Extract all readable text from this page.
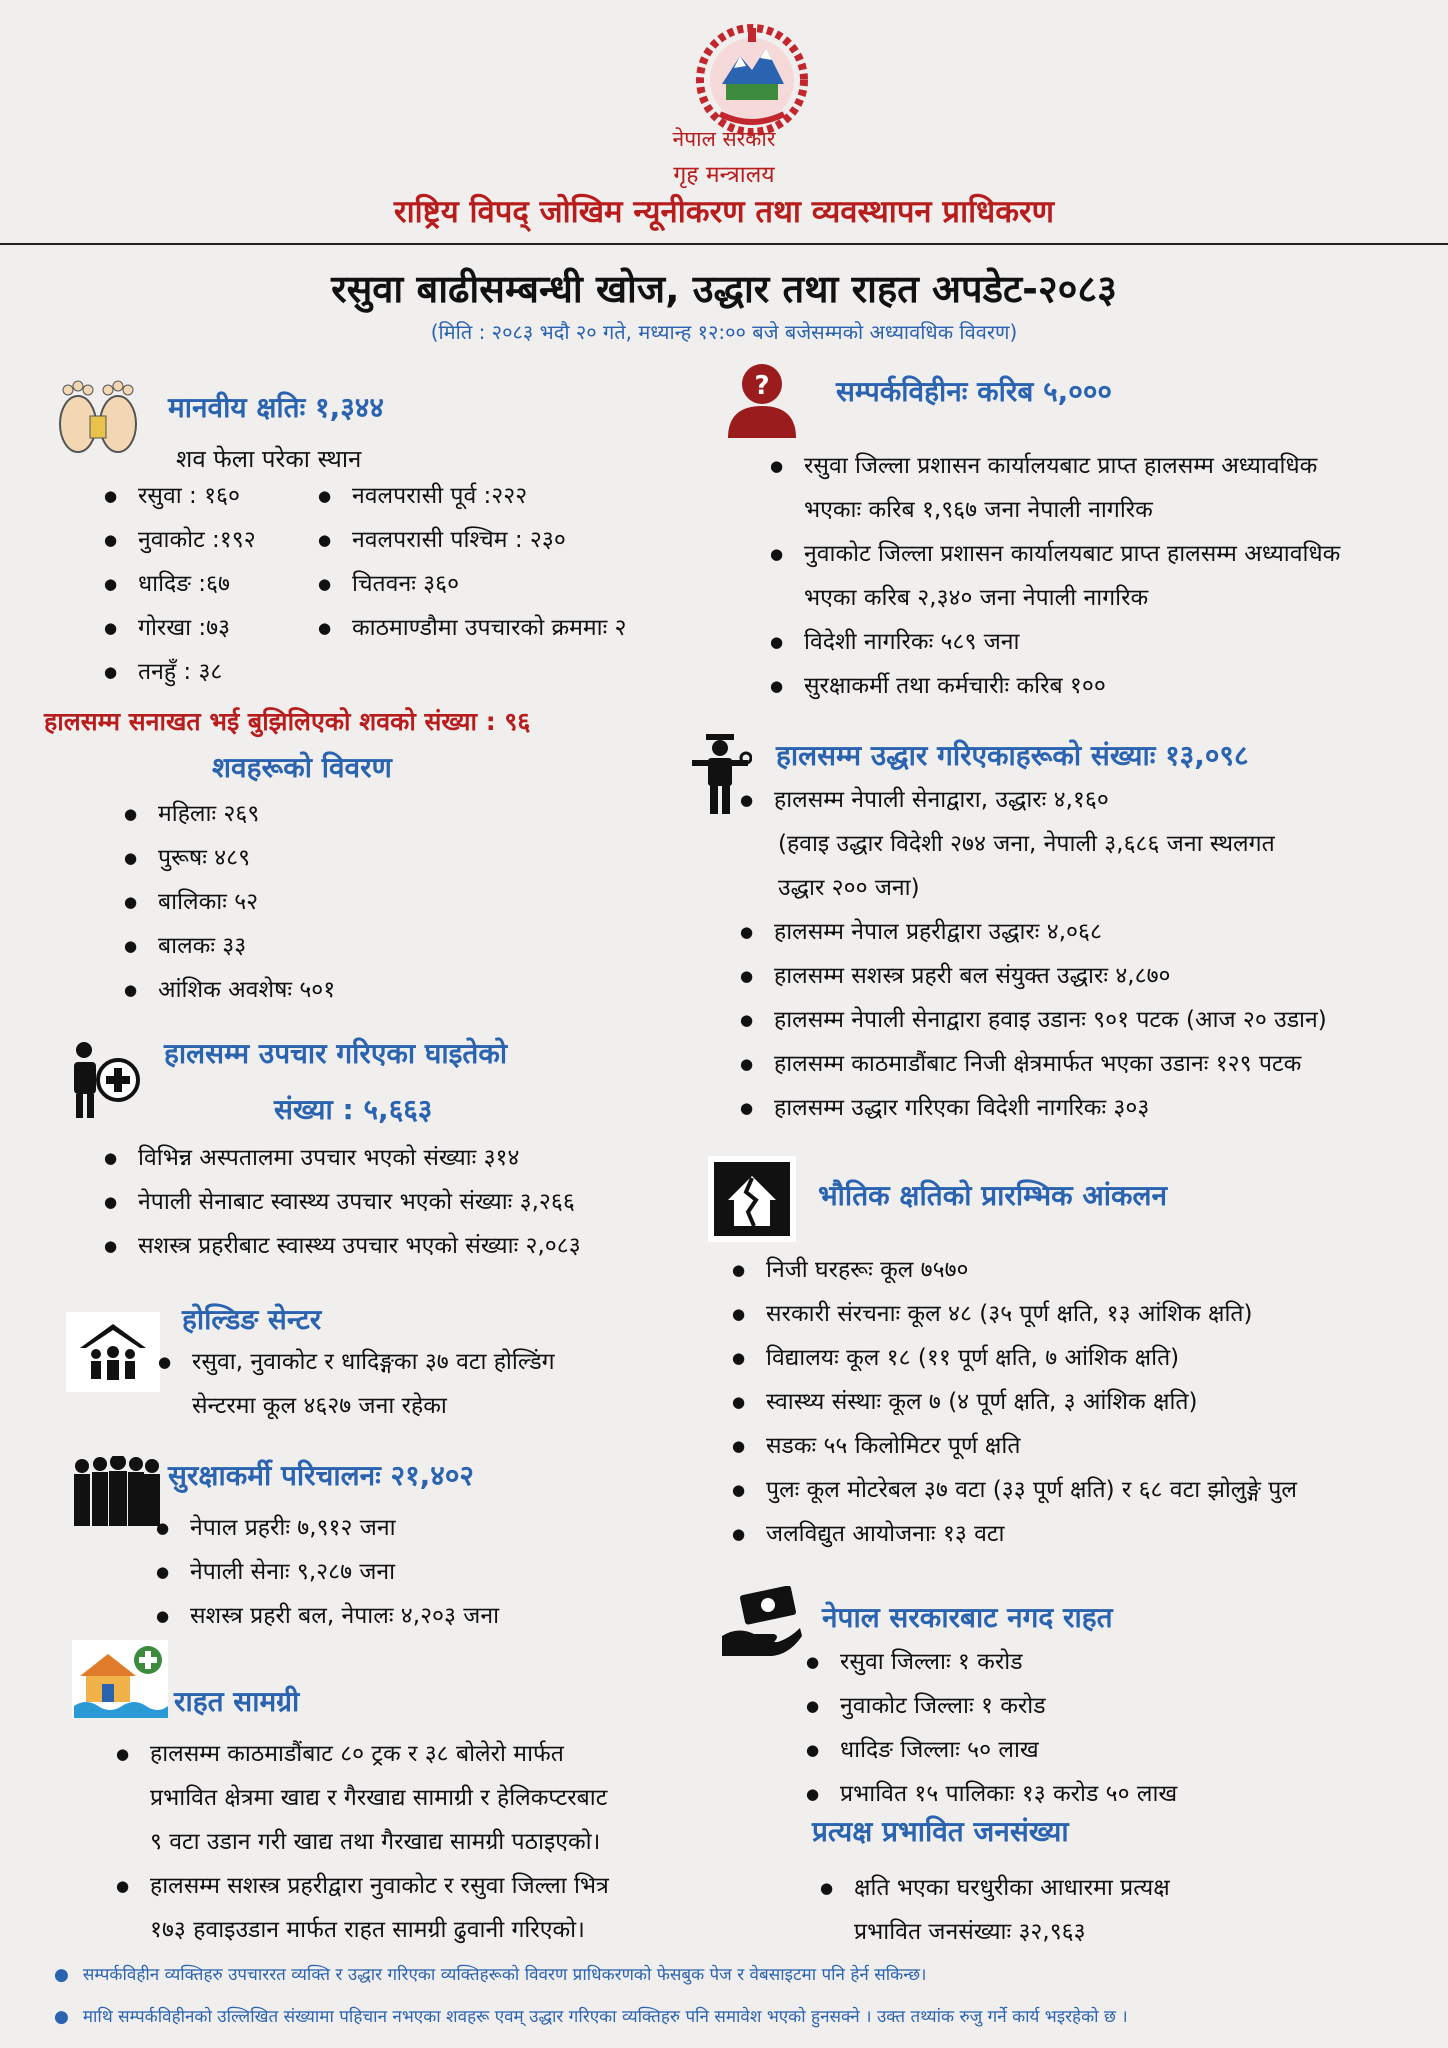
नेपाल सरकार
गृह मन्त्रालय
राष्ट्रिय विपद् जोखिम न्यूनीकरण तथा व्यवस्थापन प्राधिकरण
रसुवा बाढीसम्बन्धी खोज, उद्धार तथा राहत अपडेट-२०८३
(मिति : २०८३ भदौ २० गते, मध्यान्ह १२:०० बजे बजेसम्मको अध्यावधिक विवरण)
मानवीय क्षतिः १,३४४
शव फेला परेका स्थान
● रसुवा : १६०
● नुवाकोट :१९२
● धादिङ :६७
● गोरखा :७३
● तनहुँ : ३८
● नवलपरासी पूर्व :२२२
● नवलपरासी पश्चिम : २३०
● चितवनः ३६०
● काठमाण्डौमा उपचारको क्रममाः २
हालसम्म सनाखत भई बुझिलिएको शवको संख्या : ९६
शवहरूको विवरण
● महिलाः २६९
● पुरूषः ४८९
● बालिकाः ५२
● बालकः ३३
● आंशिक अवशेषः ५०१
हालसम्म उपचार गरिएका घाइतेको
संख्या : ५,६६३
● विभिन्न अस्पतालमा उपचार भएको संख्याः ३१४
● नेपाली सेनाबाट स्वास्थ्य उपचार भएको संख्याः ३,२६६
● सशस्त्र प्रहरीबाट स्वास्थ्य उपचार भएको संख्याः २,०८३
होल्डिङ सेन्टर
● रसुवा, नुवाकोट र धादिङ्गका ३७ वटा होल्डिंग
सेन्टरमा कूल ४६२७ जना रहेका
सुरक्षाकर्मी परिचालनः २१,४०२
● नेपाल प्रहरीः ७,९१२ जना
● नेपाली सेनाः ९,२८७ जना
● सशस्त्र प्रहरी बल, नेपालः ४,२०३ जना
राहत सामग्री
● हालसम्म काठमाडौंबाट ८० ट्रक र ३८ बोलेरो मार्फत
प्रभावित क्षेत्रमा खाद्य र गैरखाद्य सामाग्री र हेलिकप्टरबाट
९ वटा उडान गरी खाद्य तथा गैरखाद्य सामग्री पठाइएको।
● हालसम्म सशस्त्र प्रहरीद्वारा नुवाकोट र रसुवा जिल्ला भित्र
१७३ हवाइउडान मार्फत राहत सामग्री ढुवानी गरिएको।
? सम्पर्कविहीनः करिब ५,०००
● रसुवा जिल्ला प्रशासन कार्यालयबाट प्राप्त हालसम्म अध्यावधिक
भएकाः करिब १,९६७ जना नेपाली नागरिक
● नुवाकोट जिल्ला प्रशासन कार्यालयबाट प्राप्त हालसम्म अध्यावधिक
भएका करिब २,३४० जना नेपाली नागरिक
● विदेशी नागरिकः ५८९ जना
● सुरक्षाकर्मी तथा कर्मचारीः करिब १००
हालसम्म उद्धार गरिएकाहरूको संख्याः १३,०९८
● हालसम्म नेपाली सेनाद्वारा, उद्धारः ४,१६०
(हवाइ उद्धार विदेशी २७४ जना, नेपाली ३,६८६ जना स्थलगत
उद्धार २०० जना)
● हालसम्म नेपाल प्रहरीद्वारा उद्धारः ४,०६८
● हालसम्म सशस्त्र प्रहरी बल संयुक्त उद्धारः ४,८७०
● हालसम्म नेपाली सेनाद्वारा हवाइ उडानः ९०१ पटक (आज २० उडान)
● हालसम्म काठमाडौंबाट निजी क्षेत्रमार्फत भएका उडानः १२९ पटक
● हालसम्म उद्धार गरिएका विदेशी नागरिकः ३०३
भौतिक क्षतिको प्रारम्भिक आंकलन
● निजी घरहरूः कूल ७५७०
● सरकारी संरचनाः कूल ४८ (३५ पूर्ण क्षति, १३ आंशिक क्षति)
● विद्यालयः कूल १८ (११ पूर्ण क्षति, ७ आंशिक क्षति)
● स्वास्थ्य संस्थाः कूल ७ (४ पूर्ण क्षति, ३ आंशिक क्षति)
● सडकः ५५ किलोमिटर पूर्ण क्षति
● पुलः कूल मोटरेबल ३७ वटा (३३ पूर्ण क्षति) र ६८ वटा झोलुङ्गे पुल
● जलविद्युत आयोजनाः १३ वटा
नेपाल सरकारबाट नगद राहत
● रसुवा जिल्लाः १ करोड
● नुवाकोट जिल्लाः १ करोड
● धादिङ जिल्लाः ५० लाख
● प्रभावित १५ पालिकाः १३ करोड ५० लाख
प्रत्यक्ष प्रभावित जनसंख्या
● क्षति भएका घरधुरीका आधारमा प्रत्यक्ष
प्रभावित जनसंख्याः ३२,९६३
● सम्पर्कविहीन व्यक्तिहरु उपचाररत व्यक्ति र उद्धार गरिएका व्यक्तिहरूको विवरण प्राधिकरणको फेसबुक पेज र वेबसाइटमा पनि हेर्न सकिन्छ।
● माथि सम्पर्कविहीनको उल्लिखित संख्यामा पहिचान नभएका शवहरू एवम् उद्धार गरिएका व्यक्तिहरु पनि समावेश भएको हुनसक्ने । उक्त तथ्यांक रुजु गर्ने कार्य भइरहेको छ ।
